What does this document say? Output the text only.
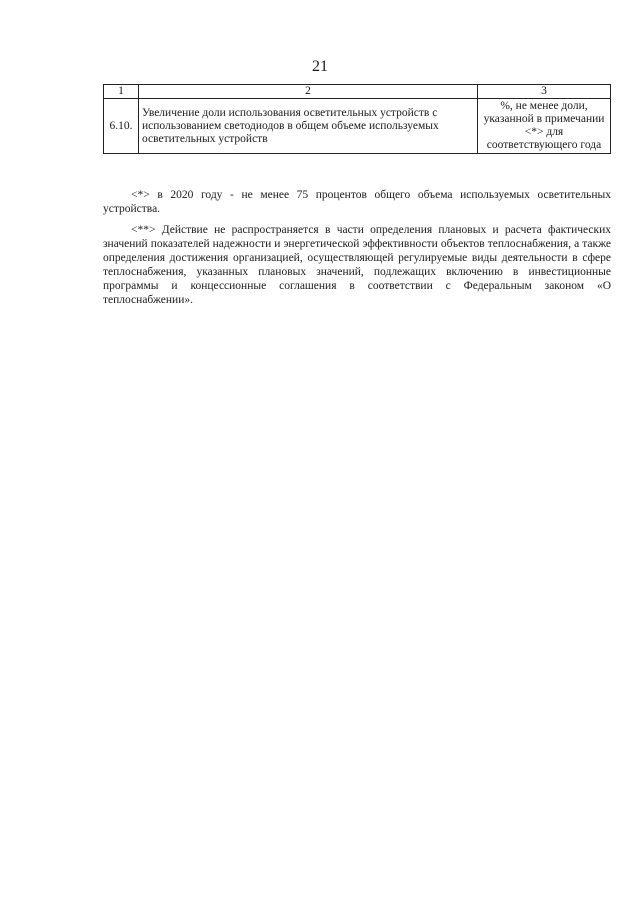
21
1	2	3
6.10.	Увеличение доли использования осветительных устройств с использованием светодиодов в общем объеме используемых осветительных устройств	%, не менее доли, указанной в примечании <*> для соответствующего года

<*> в 2020 году - не менее 75 процентов общего объема используемых осветительных устройства.

<**> Действие не распространяется в части определения плановых и расчета фактических значений показателей надежности и энергетической эффективности объектов теплоснабжения, а также определения достижения организацией, осуществляющей регулируемые виды деятельности в сфере теплоснабжения, указанных плановых значений, подлежащих включению в инвестиционные программы и концессионные соглашения в соответствии с Федеральным законом «О теплоснабжении».
